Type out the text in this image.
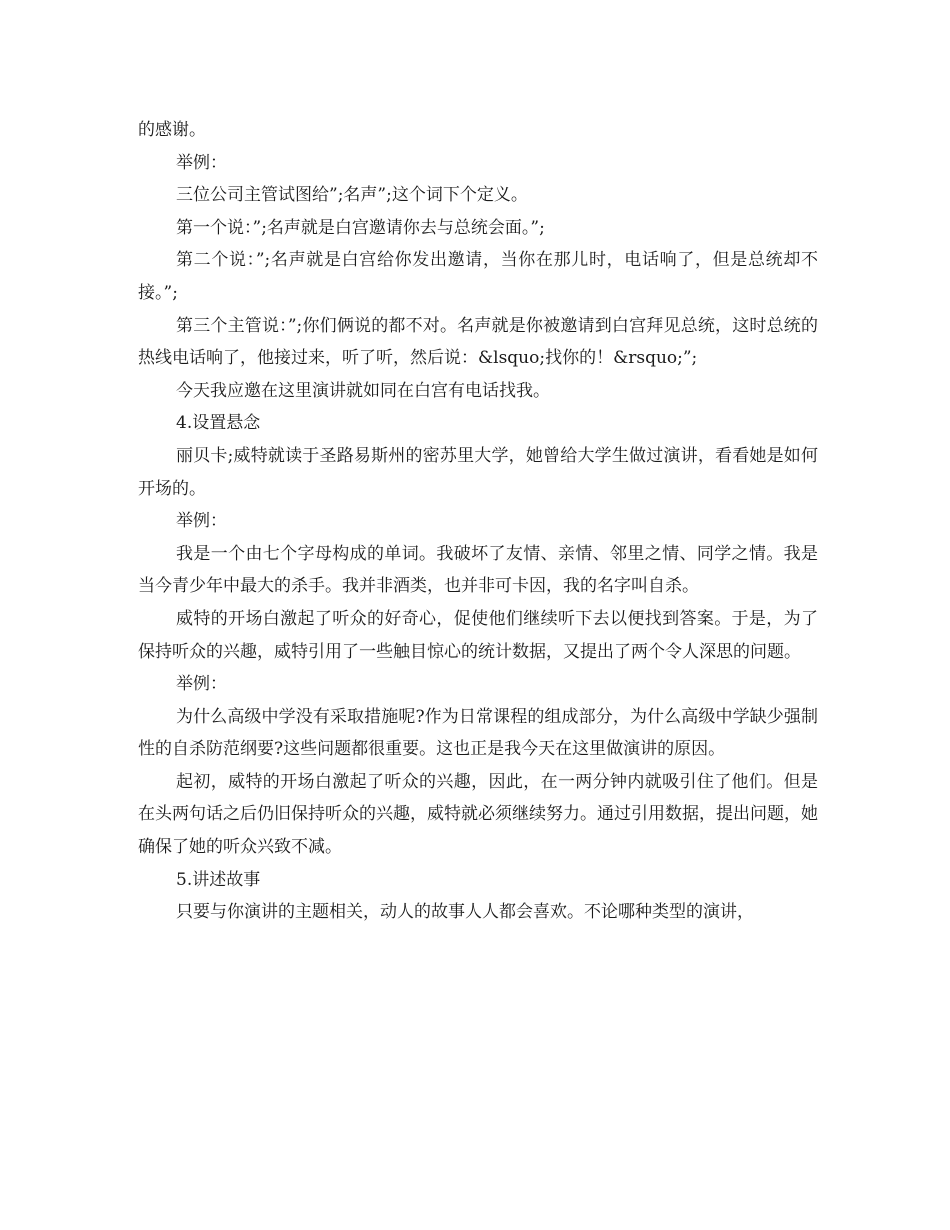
的感谢。

举例：

三位公司主管试图给”;名声”;这个词下个定义。

第一个说：”;名声就是白宫邀请你去与总统会面。”;

第二个说：”;名声就是白宫给你发出邀请，当你在那儿时，电话响了，但是总统却不接。”;

第三个主管说：”;你们俩说的都不对。名声就是你被邀请到白宫拜见总统，这时总统的热线电话响了，他接过来，听了听，然后说：&lsquo;找你的！&rsquo;”;

今天我应邀在这里演讲就如同在白宫有电话找我。

4.设置悬念

丽贝卡;威特就读于圣路易斯州的密苏里大学，她曾给大学生做过演讲，看看她是如何开场的。

举例：

我是一个由七个字母构成的单词。我破坏了友情、亲情、邻里之情、同学之情。我是当今青少年中最大的杀手。我并非酒类，也并非可卡因，我的名字叫自杀。

威特的开场白激起了听众的好奇心，促使他们继续听下去以便找到答案。于是，为了保持听众的兴趣，威特引用了一些触目惊心的统计数据，又提出了两个令人深思的问题。

举例：

为什么高级中学没有采取措施呢?作为日常课程的组成部分，为什么高级中学缺少强制性的自杀防范纲要?这些问题都很重要。这也正是我今天在这里做演讲的原因。

起初，威特的开场白激起了听众的兴趣，因此，在一两分钟内就吸引住了他们。但是在头两句话之后仍旧保持听众的兴趣，威特就必须继续努力。通过引用数据，提出问题，她确保了她的听众兴致不减。

5.讲述故事

只要与你演讲的主题相关，动人的故事人人都会喜欢。不论哪种类型的演讲，
